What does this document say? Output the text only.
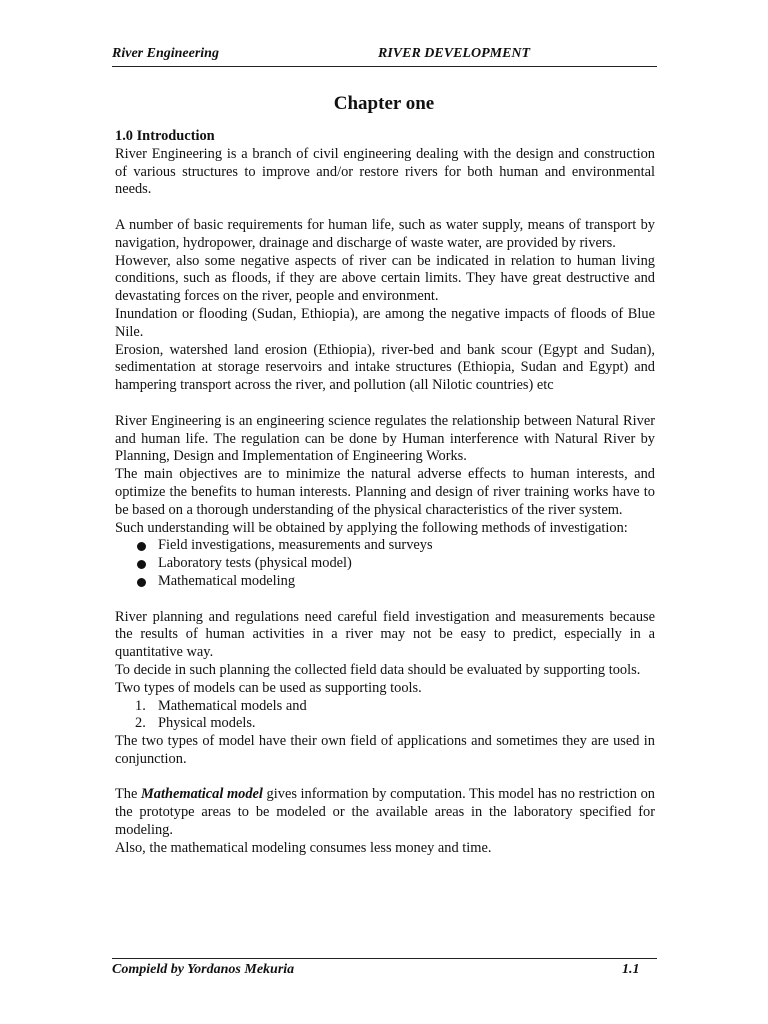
River Engineering	RIVER DEVELOPMENT
Chapter one

1.0 Introduction

River Engineering is a branch of civil engineering dealing with the design and construction of various structures to improve and/or restore rivers for both human and environmental needs.

A number of basic requirements for human life, such as water supply, means of transport by navigation, hydropower, drainage and discharge of waste water, are provided by rivers.

However, also some negative aspects of river can be indicated in relation to human living conditions, such as floods, if they are above certain limits. They have great destructive and devastating forces on the river, people and environment.

Inundation or flooding (Sudan, Ethiopia), are among the negative impacts of floods of Blue Nile.

Erosion, watershed land erosion (Ethiopia), river-bed and bank scour (Egypt and Sudan), sedimentation at storage reservoirs and intake structures (Ethiopia, Sudan and Egypt) and hampering transport across the river, and pollution (all Nilotic countries) etc

River Engineering is an engineering science regulates the relationship between Natural River and human life. The regulation can be done by Human interference with Natural River by Planning, Design and Implementation of Engineering Works.

The main objectives are to minimize the natural adverse effects to human interests, and optimize the benefits to human interests. Planning and design of river training works have to be based on a thorough understanding of the physical characteristics of the river system.

Such understanding will be obtained by applying the following methods of investigation:

Field investigations, measurements and surveys
Laboratory tests (physical model)
Mathematical modeling

River planning and regulations need careful field investigation and measurements because the results of human activities in a river may not be easy to predict, especially in a quantitative way.

To decide in such planning the collected field data should be evaluated by supporting tools.

Two types of models can be used as supporting tools.

1. Mathematical models and
2. Physical models.

The two types of model have their own field of applications and sometimes they are used in conjunction.

The Mathematical model gives information by computation. This model has no restriction on the prototype areas to be modeled or the available areas in the laboratory specified for modeling.

Also, the mathematical modeling consumes less money and time.

Compield by Yordanos Mekuria	1.1
